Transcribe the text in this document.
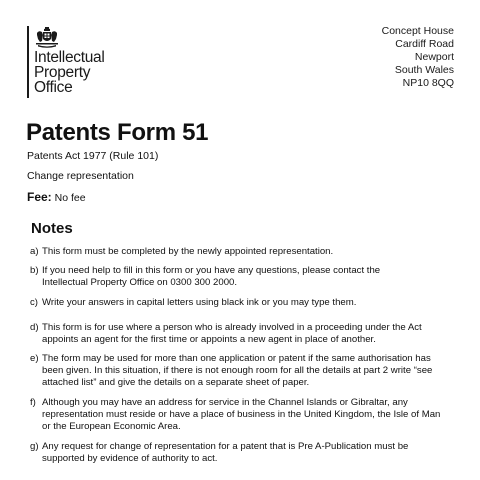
Intellectual
Property
Office
Concept House
Cardiff Road
Newport
South Wales
NP10 8QQ
Patents Form 51
Patents Act 1977 (Rule 101)
Change representation
Fee: No fee
Notes
a) This form must be completed by the newly appointed representation.
b) If you need help to fill in this form or you have any questions, please contact the
Intellectual Property Office on 0300 300 2000.
c) Write your answers in capital letters using black ink or you may type them.
d) This form is for use where a person who is already involved in a proceeding under the Act
appoints an agent for the first time or appoints a new agent in place of another.
e) The form may be used for more than one application or patent if the same authorisation has
been given. In this situation, if there is not enough room for all the details at part 2 write “see
attached list” and give the details on a separate sheet of paper.
f) Although you may have an address for service in the Channel Islands or Gibraltar, any
representation must reside or have a place of business in the United Kingdom, the Isle of Man
or the European Economic Area.
g) Any request for change of representation for a patent that is Pre A-Publication must be
supported by evidence of authority to act.
